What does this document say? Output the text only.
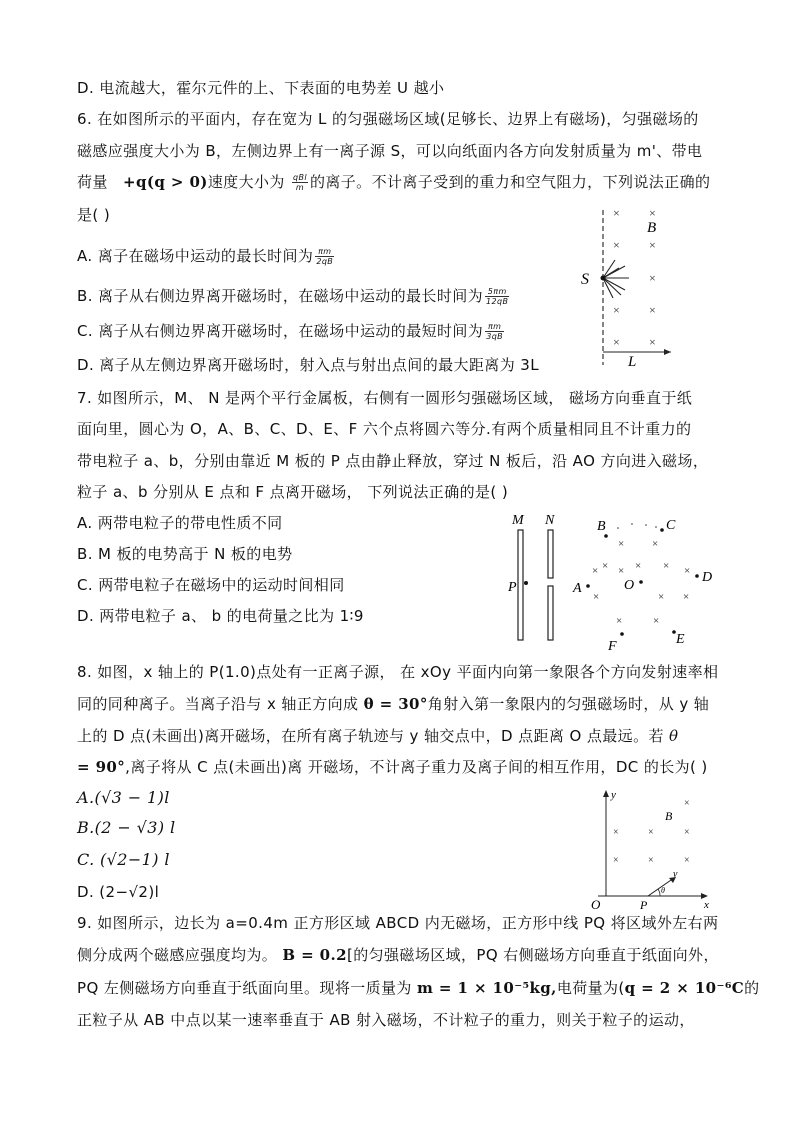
D. 电流越大，霍尔元件的上、下表面的电势差 U 越小
6. 在如图所示的平面内，存在宽为 L 的匀强磁场区域(足够长、边界上有磁场)，匀强磁场的
磁感应强度大小为 B，左侧边界上有一离子源 S，可以向纸面内各方向发射质量为 m'、带电
荷量 +q(q > 0)速度大小为 $\frac{\text{qBl}}{m}$ 的离子。不计离子受到的重力和空气阻力，下列说法正确的
是( )
A. 离子在磁场中运动的最长时间为 $\frac{\pi m}{2qB}$
B. 离子从右侧边界离开磁场时，在磁场中运动的最长时间为 $\frac{5\pi m}{12qB}$
C. 离子从右侧边界离开磁场时，在磁场中运动的最短时间为 $\frac{\pi m}{3qB}$
D. 离子从左侧边界离开磁场时，射入点与射出点间的最大距离为 3L
× ×
× ×
×
×
×
× ×
B
S
L
7. 如图所示，M、 N 是两个平行金属板，右侧有一圆形匀强磁场区域， 磁场方向垂直于纸
面向里，圆心为 O，A、B、C、D、E、F 六个点将圆六等分.有两个质量相同且不计重力的
带电粒子 a、b，分别由靠近 M 板的 P 点由静止释放，穿过 N 板后，沿 AO 方向进入磁场，
粒子 a、b 分别从 E 点和 F 点离开磁场， 下列说法正确的是( )
A. 两带电粒子的带电性质不同
B. M 板的电势高于 N 板的电势
C. 两带电粒子在磁场中的运动时间相同
D. 两带电粒子 a、 b 的电荷量之比为 1∶9
M N
P
×	×
× × ×
× ×	×
×	× ×
×	×
B	C
A	O
D
E
F
8. 如图，x 轴上的 P(1.0)点处有一正离子源， 在 xOy 平面内向第一象限各个方向发射速率相
同的同种离子。当离子沿与 x 轴正方向成 θ = 30°角射入第一象限内的匀强磁场时，从 y 轴
上的 D 点(未画出)离开磁场，在所有离子轨迹与 y 轴交点中，D 点距离 O 点最远。若 θ
= 90°,离子将从 C 点(未画出)离 开磁场，不计离子重力及离子间的相互作用，DC 的长为( )
A.(√3 − 1)l
B.(2 − √3) l
C. (√2−1) l
D. (2−√2)l
y
x
O	P
B
×	×	×
×	×	×
×
v
θ
9. 如图所示，边长为 a=0.4m 正方形区域 ABCD 内无磁场，正方形中线 PQ 将区域外左右两
侧分成两个磁感应强度均为。 B = 0.2[的匀强磁场区域，PQ 右侧磁场方向垂直于纸面向外，
PQ 左侧磁场方向垂直于纸面向里。现将一质量为 m = 1 × 10⁻⁵kg,电荷量为(q = 2 × 10⁻⁶C的
正粒子从 AB 中点以某一速率垂直于 AB 射入磁场，不计粒子的重力，则关于粒子的运动，
